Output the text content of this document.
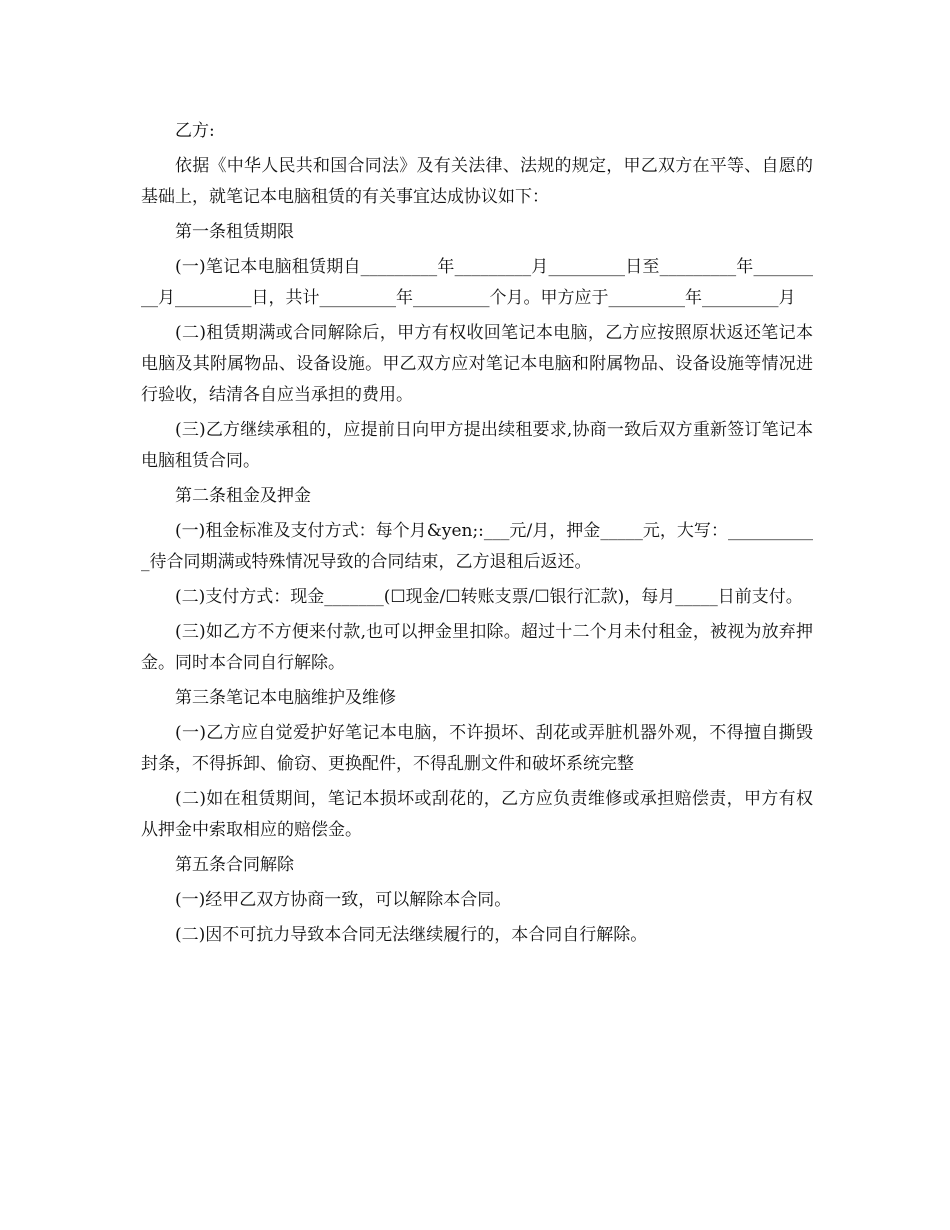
乙方:

依据《中华人民共和国合同法》及有关法律、法规的规定，甲乙双方在平等、自愿的基础上，就笔记本电脑租赁的有关事宜达成协议如下：

第一条租赁期限

(一)笔记本电脑租赁期自_________年_________月_________日至_________年_________月_________日，共计_________年_________个月。甲方应于_________年_________月

(二)租赁期满或合同解除后，甲方有权收回笔记本电脑，乙方应按照原状返还笔记本电脑及其附属物品、设备设施。甲乙双方应对笔记本电脑和附属物品、设备设施等情况进行验收，结清各自应当承担的费用。

(三)乙方继续承租的，应提前日向甲方提出续租要求,协商一致后双方重新签订笔记本电脑租赁合同。

第二条租金及押金

(一)租金标准及支付方式：每个月&yen;:___元/月，押金_____元，大写：___________待合同期满或特殊情况导致的合同结束，乙方退租后返还。

(二)支付方式：现金_______(☐现金/☐转账支票/☐银行汇款)，每月_____日前支付。

(三)如乙方不方便来付款,也可以押金里扣除。超过十二个月未付租金，被视为放弃押金。同时本合同自行解除。

第三条笔记本电脑维护及维修

(一)乙方应自觉爱护好笔记本电脑，不许损坏、刮花或弄脏机器外观，不得擅自撕毁封条，不得拆卸、偷窃、更换配件，不得乱删文件和破坏系统完整

(二)如在租赁期间，笔记本损坏或刮花的，乙方应负责维修或承担赔偿责，甲方有权从押金中索取相应的赔偿金。

第五条合同解除

(一)经甲乙双方协商一致，可以解除本合同。

(二)因不可抗力导致本合同无法继续履行的，本合同自行解除。
